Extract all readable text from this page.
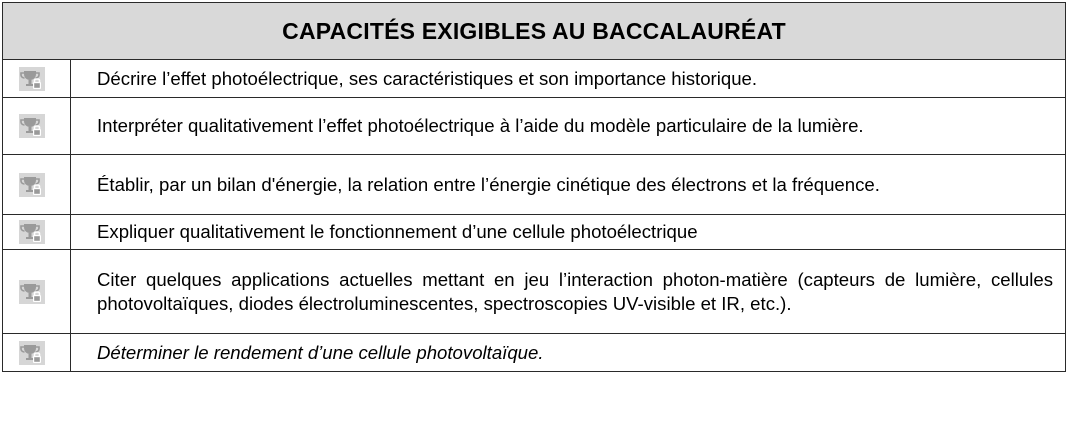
CAPACITÉS EXIGIBLES AU BACCALAURÉAT	

	Décrire l’effet photoélectrique, ses caractéristiques et son importance historique.

	Interpréter qualitativement l’effet photoélectrique à l’aide du modèle particulaire de la lumière.

	Établir, par un bilan d'énergie, la relation entre l’énergie cinétique des électrons et la fréquence.

	Expliquer qualitativement le fonctionnement d’une cellule photoélectrique

	Citer quelques applications actuelles mettant en jeu l’interaction photon-matière (capteurs de lumière, cellules photovoltaïques, diodes électroluminescentes, spectroscopies UV-visible et IR, etc.).

	Déterminer le rendement d’une cellule photovoltaïque.
